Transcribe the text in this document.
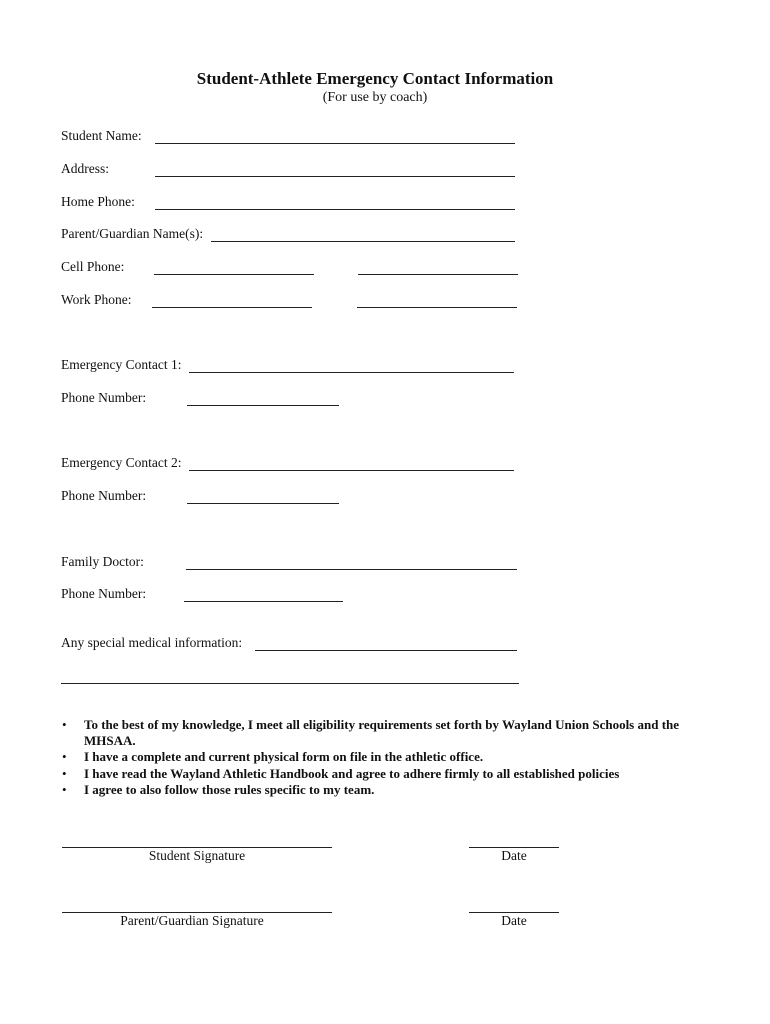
Student-Athlete Emergency Contact Information
(For use by coach)
Student Name:
Address:
Home Phone:
Parent/Guardian Name(s):
Cell Phone:
Work Phone:
Emergency Contact 1:
Phone Number:
Emergency Contact 2:
Phone Number:
Family Doctor:
Phone Number:
Any special medical information:
• To the best of my knowledge, I meet all eligibility requirements set forth by Wayland Union Schools and the MHSAA.
• I have a complete and current physical form on file in the athletic office.
• I have read the Wayland Athletic Handbook and agree to adhere firmly to all established policies
• I agree to also follow those rules specific to my team.
Student Signature	Date
Parent/Guardian Signature	Date
